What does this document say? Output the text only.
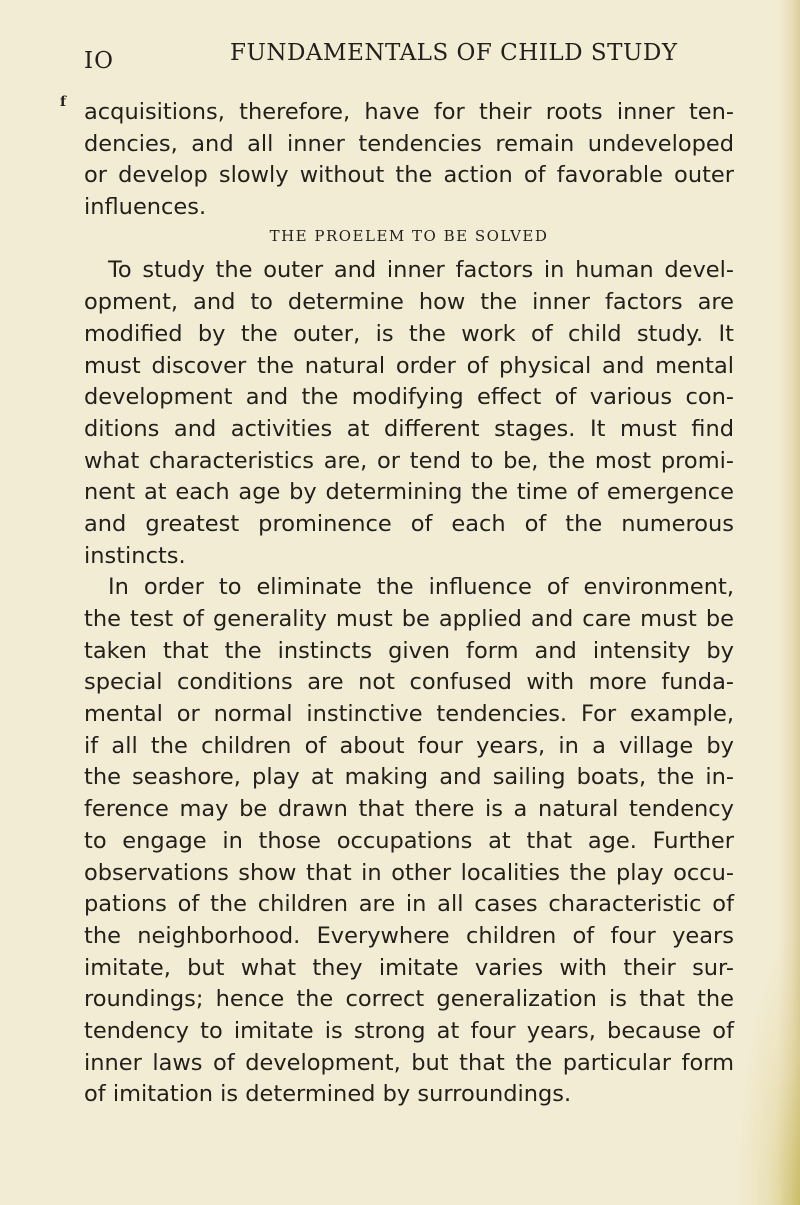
IO	FUNDAMENTALS OF CHILD STUDY
f acquisitions, therefore, have for their roots inner ten-
dencies, and all inner tendencies remain undeveloped
or develop slowly without the action of favorable outer
influences.

THE PROELEM TO BE SOLVED

To study the outer and inner factors in human devel-
opment, and to determine how the inner factors are
modified by the outer, is the work of child study. It
must discover the natural order of physical and mental
development and the modifying effect of various con-
ditions and activities at different stages. It must find
what characteristics are, or tend to be, the most promi-
nent at each age by determining the time of emergence
and greatest prominence of each of the numerous
instincts.

In order to eliminate the influence of environment,
the test of generality must be applied and care must be
taken that the instincts given form and intensity by
special conditions are not confused with more funda-
mental or normal instinctive tendencies. For example,
if all the children of about four years, in a village by
the seashore, play at making and sailing boats, the in-
ference may be drawn that there is a natural tendency
to engage in those occupations at that age. Further
observations show that in other localities the play occu-
pations of the children are in all cases characteristic of
the neighborhood. Everywhere children of four years
imitate, but what they imitate varies with their sur-
roundings; hence the correct generalization is that the
tendency to imitate is strong at four years, because of
inner laws of development, but that the particular form
of imitation is determined by surroundings.
